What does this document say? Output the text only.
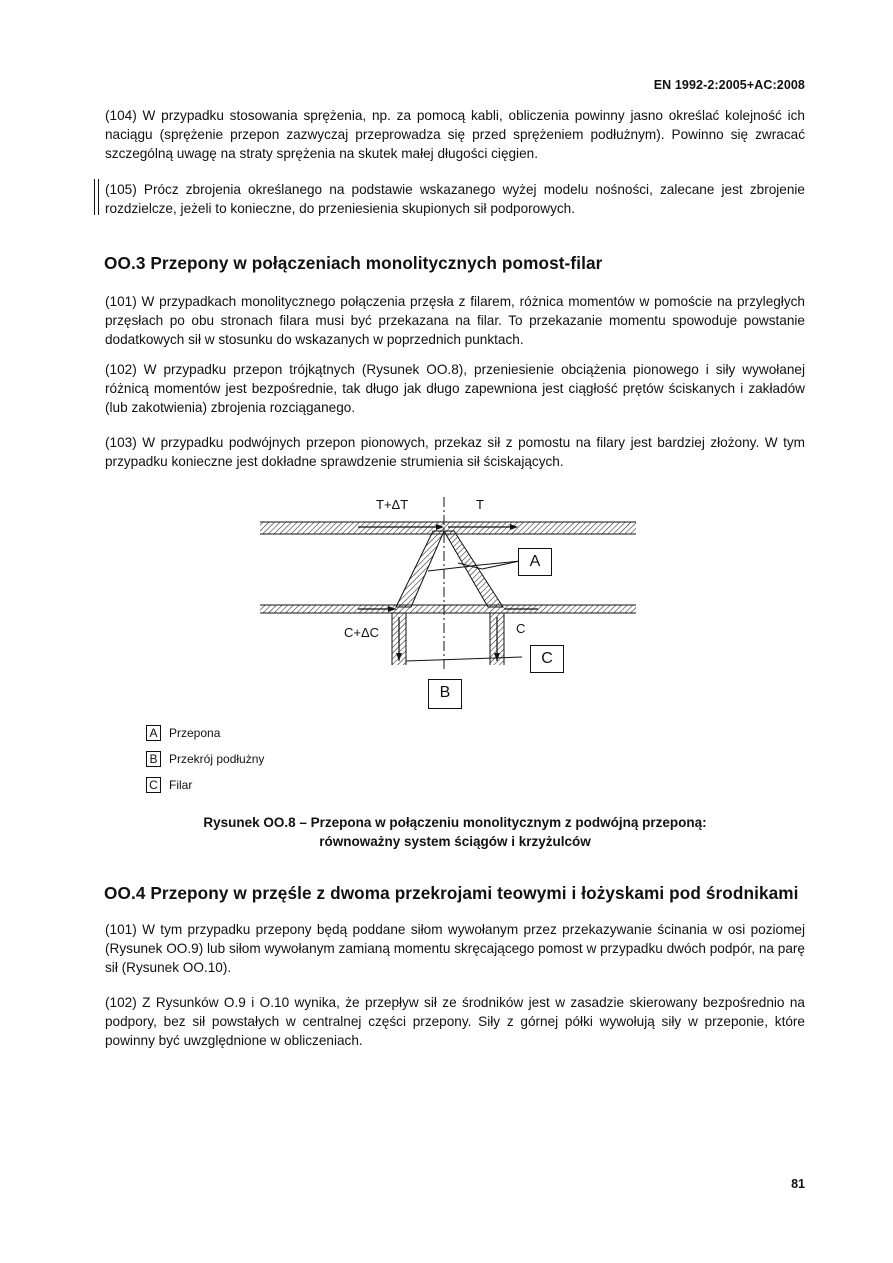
EN 1992-2:2005+AC:2008

(104) W przypadku stosowania sprężenia, np. za pomocą kabli, obliczenia powinny jasno określać kolejność ich naciągu (sprężenie przepon zazwyczaj przeprowadza się przed sprężeniem podłużnym). Powinno się zwracać szczególną uwagę na straty sprężenia na skutek małej długości cięgien.

(105) Prócz zbrojenia określanego na podstawie wskazanego wyżej modelu nośności, zalecane jest zbrojenie rozdzielcze, jeżeli to konieczne, do przeniesienia skupionych sił podporowych.

OO.3 Przepony w połączeniach monolitycznych pomost-filar

(101) W przypadkach monolitycznego połączenia przęsła z filarem, różnica momentów w pomoście na przyległych przęsłach po obu stronach filara musi być przekazana na filar. To przekazanie momentu spowoduje powstanie dodatkowych sił w stosunku do wskazanych w poprzednich punktach.

(102) W przypadku przepon trójkątnych (Rysunek OO.8), przeniesienie obciążenia pionowego i siły wywołanej różnicą momentów jest bezpośrednie, tak długo jak długo zapewniona jest ciągłość prętów ściskanych i zakładów (lub zakotwienia) zbrojenia rozciąganego.

(103) W przypadku podwójnych przepon pionowych, przekaz sił z pomostu na filary jest bardziej złożony. W tym przypadku konieczne jest dokładne sprawdzenie strumienia sił ściskających.

T+ΔT	T
C+ΔC	C
A
C
B
A Przepona
B Przekrój podłużny
C Filar
Rysunek OO.8 – Przepona w połączeniu monolitycznym z podwójną przeponą:
równoważny system ściągów i krzyżulców
OO.4 Przepony w przęśle z dwoma przekrojami teowymi i łożyskami pod środnikami

(101) W tym przypadku przepony będą poddane siłom wywołanym przez przekazywanie ścinania w osi poziomej (Rysunek OO.9) lub siłom wywołanym zamianą momentu skręcającego pomost w przypadku dwóch podpór, na parę sił (Rysunek OO.10).

(102) Z Rysunków O.9 i O.10 wynika, że przepływ sił ze środników jest w zasadzie skierowany bezpośrednio na podpory, bez sił powstałych w centralnej części przepony. Siły z górnej półki wywołują siły w przeponie, które powinny być uwzględnione w obliczeniach.

81
